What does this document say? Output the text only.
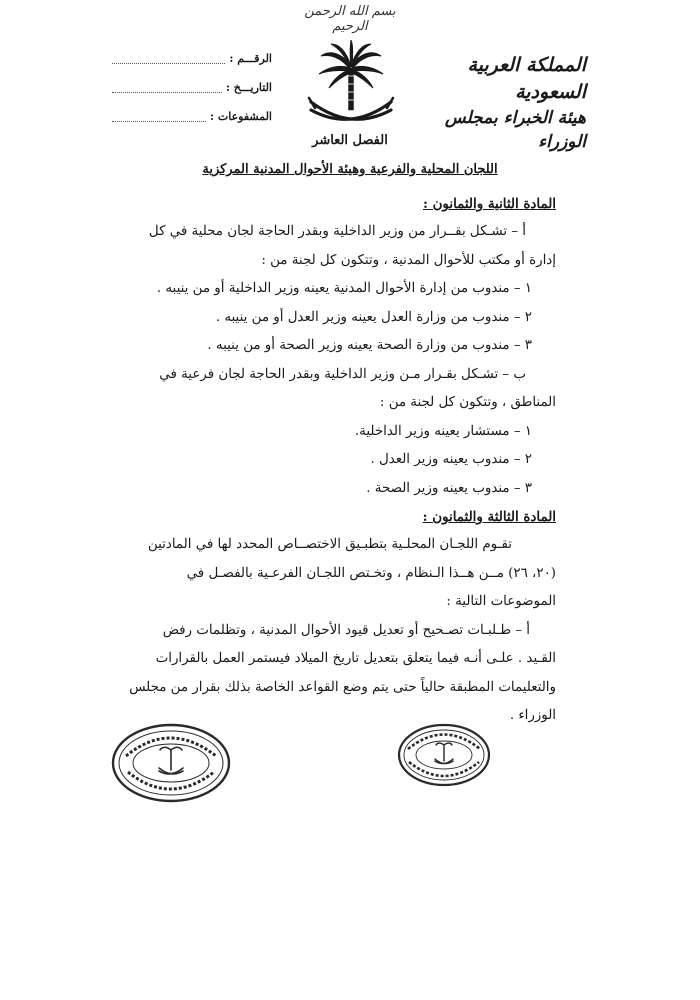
بسم الله الرحمن الرحيم
الرقـــم :
التاريـــخ :
المشفوعات :
المملكة العربية السعودية
هيئة الخبراء بمجلس الوزراء
الفصل العاشر
اللجان المحلية والفرعية وهيئة الأحوال المدنية المركزية
المادة الثانية والثمانون :
أ – تشـكل بقــرار من وزير الداخلية وبقدر الحاجة لجان محلية في كل
إدارة أو مكتب للأحوال المدنية ، وتتكون كل لجنة من :
١ – مندوب من إدارة الأحوال المدنية يعينه وزير الداخلية أو من ينيبه .
٢ – مندوب من وزارة العدل يعينه وزير العدل أو من ينيبه .
٣ – مندوب من وزارة الصحة يعينه وزير الصحة أو من ينيبه .
ب – تشـكل بقـرار مـن وزير الداخلية وبقدر الحاجة لجان فرعية في
المناطق ، وتتكون كل لجنة من :
١ – مستشار يعينه وزير الداخلية.
٢ – مندوب يعينه وزير العدل .
٣ – مندوب يعينه وزير الصحة .
المادة الثالثة والثمانون :
تقـوم اللجـان المحلـية بتطبـيق الاختصــاص المحدد لها في المادتين
(٢٠، ٢٦) مــن هــذا الـنظام ، وتخـتص اللجـان الفرعـية بالفصـل في
الموضوعات التالية :
أ – طـلبـات تصـحيح أو تعديل قيود الأحوال المدنية ، وتظلمات رفض
القـيد . علـى أنـه فيما يتعلق بتعديل تاريخ الميلاد فيستمر العمل بالقرارات
والتعليمات المطبقة حالياً حتى يتم وضع القواعد الخاصة بذلك بقرار من مجلس
الوزراء .
